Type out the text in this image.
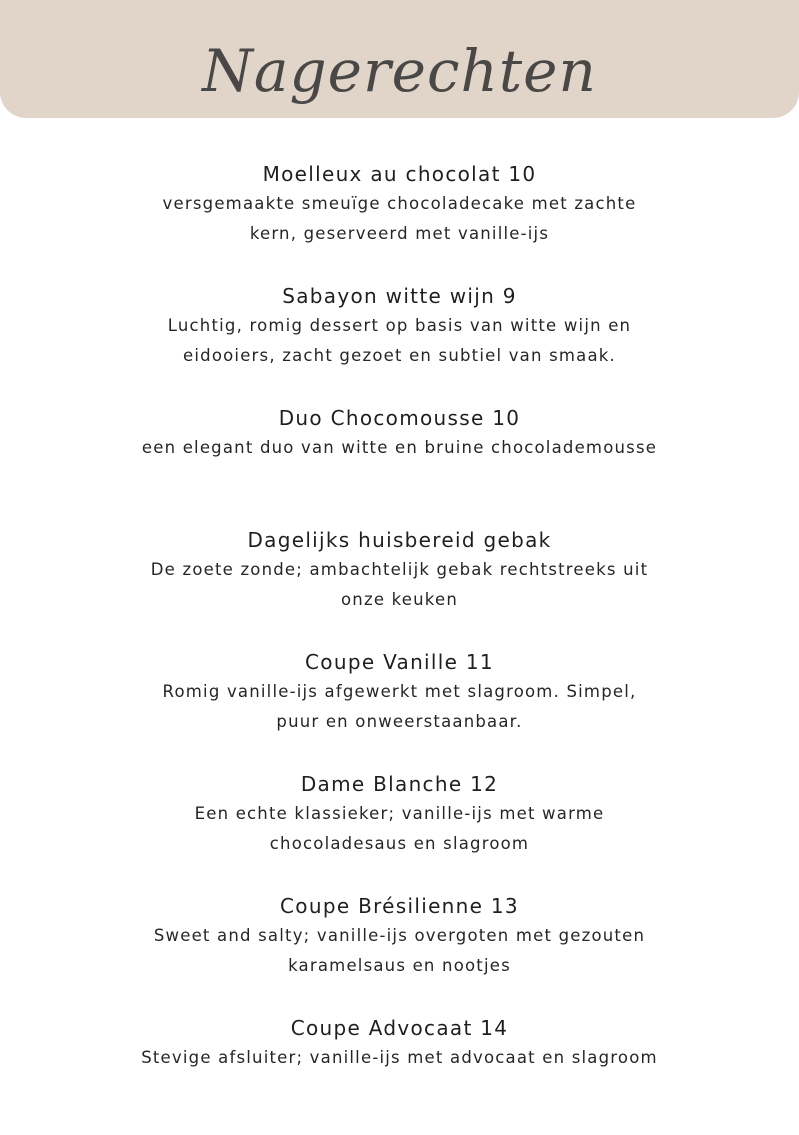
Nagerechten
Moelleux au chocolat 10
versgemaakte smeuïge chocoladecake met zachte kern, geserveerd met vanille-ijs
Sabayon witte wijn 9
Luchtig, romig dessert op basis van witte wijn en eidooiers, zacht gezoet en subtiel van smaak.
Duo Chocomousse 10
een elegant duo van witte en bruine chocolademousse
Dagelijks huisbereid gebak
De zoete zonde; ambachtelijk gebak rechtstreeks uit onze keuken
Coupe Vanille 11
Romig vanille-ijs afgewerkt met slagroom. Simpel, puur en onweerstaanbaar.
Dame Blanche 12
Een echte klassieker; vanille-ijs met warme chocoladesaus en slagroom
Coupe Brésilienne 13
Sweet and salty; vanille-ijs overgoten met gezouten karamelsaus en nootjes
Coupe Advocaat 14
Stevige afsluiter; vanille-ijs met advocaat en slagroom
